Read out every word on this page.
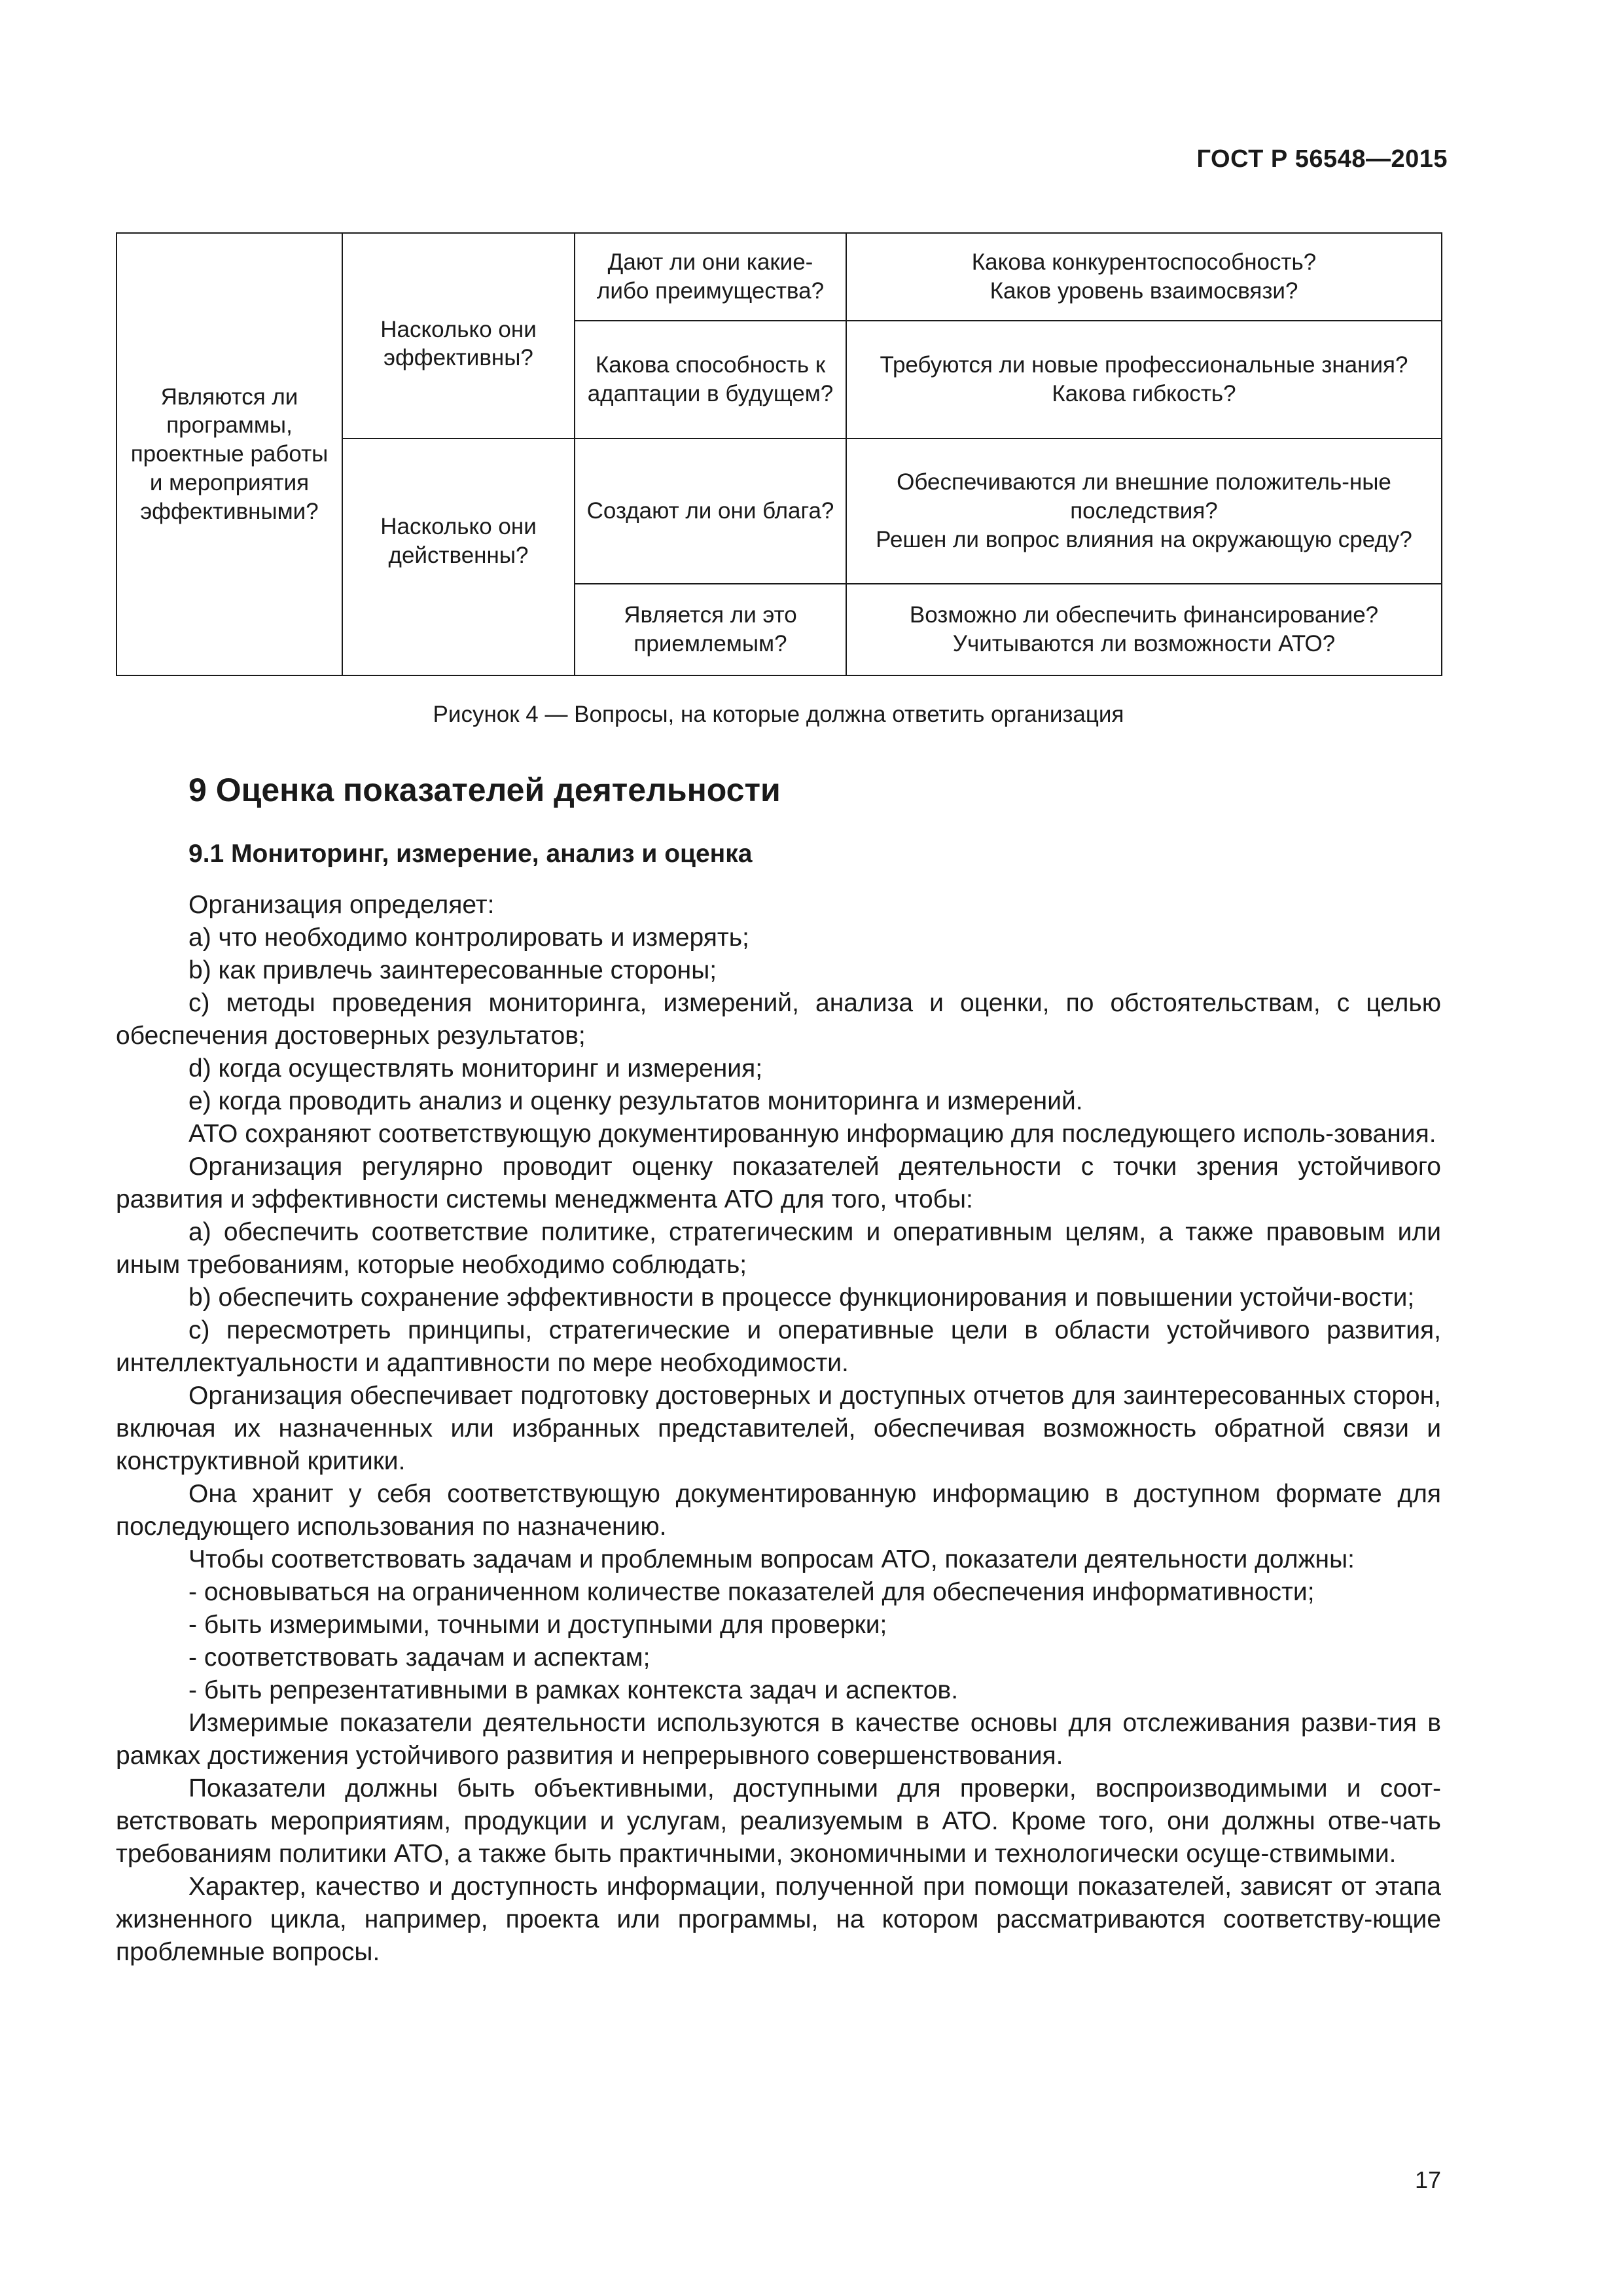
ГОСТ Р 56548—2015
Являются ли программы, проектные работы и мероприятия эффективными?	Насколько они эффективны?	Дают ли они какие-либо преимущества?	Какова конкурентоспособность?
Каков уровень взаимосвязи?

		Какова способность к адаптации в будущем?	Требуются ли новые профессиональные знания?
Какова гибкость?

	Насколько они действенны?	Создают ли они блага?	Обеспечиваются ли внешние положитель-ные последствия?
Решен ли вопрос влияния на окружающую среду?

		Является ли это приемлемым?	Возможно ли обеспечить финансирование?
Учитываются ли возможности АТО?
Рисунок 4 — Вопросы, на которые должна ответить организация
9 Оценка показателей деятельности
9.1 Мониторинг, измерение, анализ и оценка

Организация определяет:

а) что необходимо контролировать и измерять;

b) как привлечь заинтересованные стороны;

с) методы проведения мониторинга, измерений, анализа и оценки, по обстоятельствам, с целью обеспечения достоверных результатов;

d) когда осуществлять мониторинг и измерения;

е) когда проводить анализ и оценку результатов мониторинга и измерений.

АТО сохраняют соответствующую документированную информацию для последующего исполь-зования.

Организация регулярно проводит оценку показателей деятельности с точки зрения устойчивого развития и эффективности системы менеджмента АТО для того, чтобы:

а) обеспечить соответствие политике, стратегическим и оперативным целям, а также правовым или иным требованиям, которые необходимо соблюдать;

b) обеспечить сохранение эффективности в процессе функционирования и повышении устойчи-вости;

с) пересмотреть принципы, стратегические и оперативные цели в области устойчивого развития, интеллектуальности и адаптивности по мере необходимости.

Организация обеспечивает подготовку достоверных и доступных отчетов для заинтересованных сторон, включая их назначенных или избранных представителей, обеспечивая возможность обратной связи и конструктивной критики.

Она хранит у себя соответствующую документированную информацию в доступном формате для последующего использования по назначению.

Чтобы соответствовать задачам и проблемным вопросам АТО, показатели деятельности должны:

- основываться на ограниченном количестве показателей для обеспечения информативности;

- быть измеримыми, точными и доступными для проверки;

- соответствовать задачам и аспектам;

- быть репрезентативными в рамках контекста задач и аспектов.

Измеримые показатели деятельности используются в качестве основы для отслеживания разви-тия в рамках достижения устойчивого развития и непрерывного совершенствования.

Показатели должны быть объективными, доступными для проверки, воспроизводимыми и соот-ветствовать мероприятиям, продукции и услугам, реализуемым в АТО. Кроме того, они должны отве-чать требованиям политики АТО, а также быть практичными, экономичными и технологически осуще-ствимыми.

Характер, качество и доступность информации, полученной при помощи показателей, зависят от этапа жизненного цикла, например, проекта или программы, на котором рассматриваются соответству-ющие проблемные вопросы.

17
